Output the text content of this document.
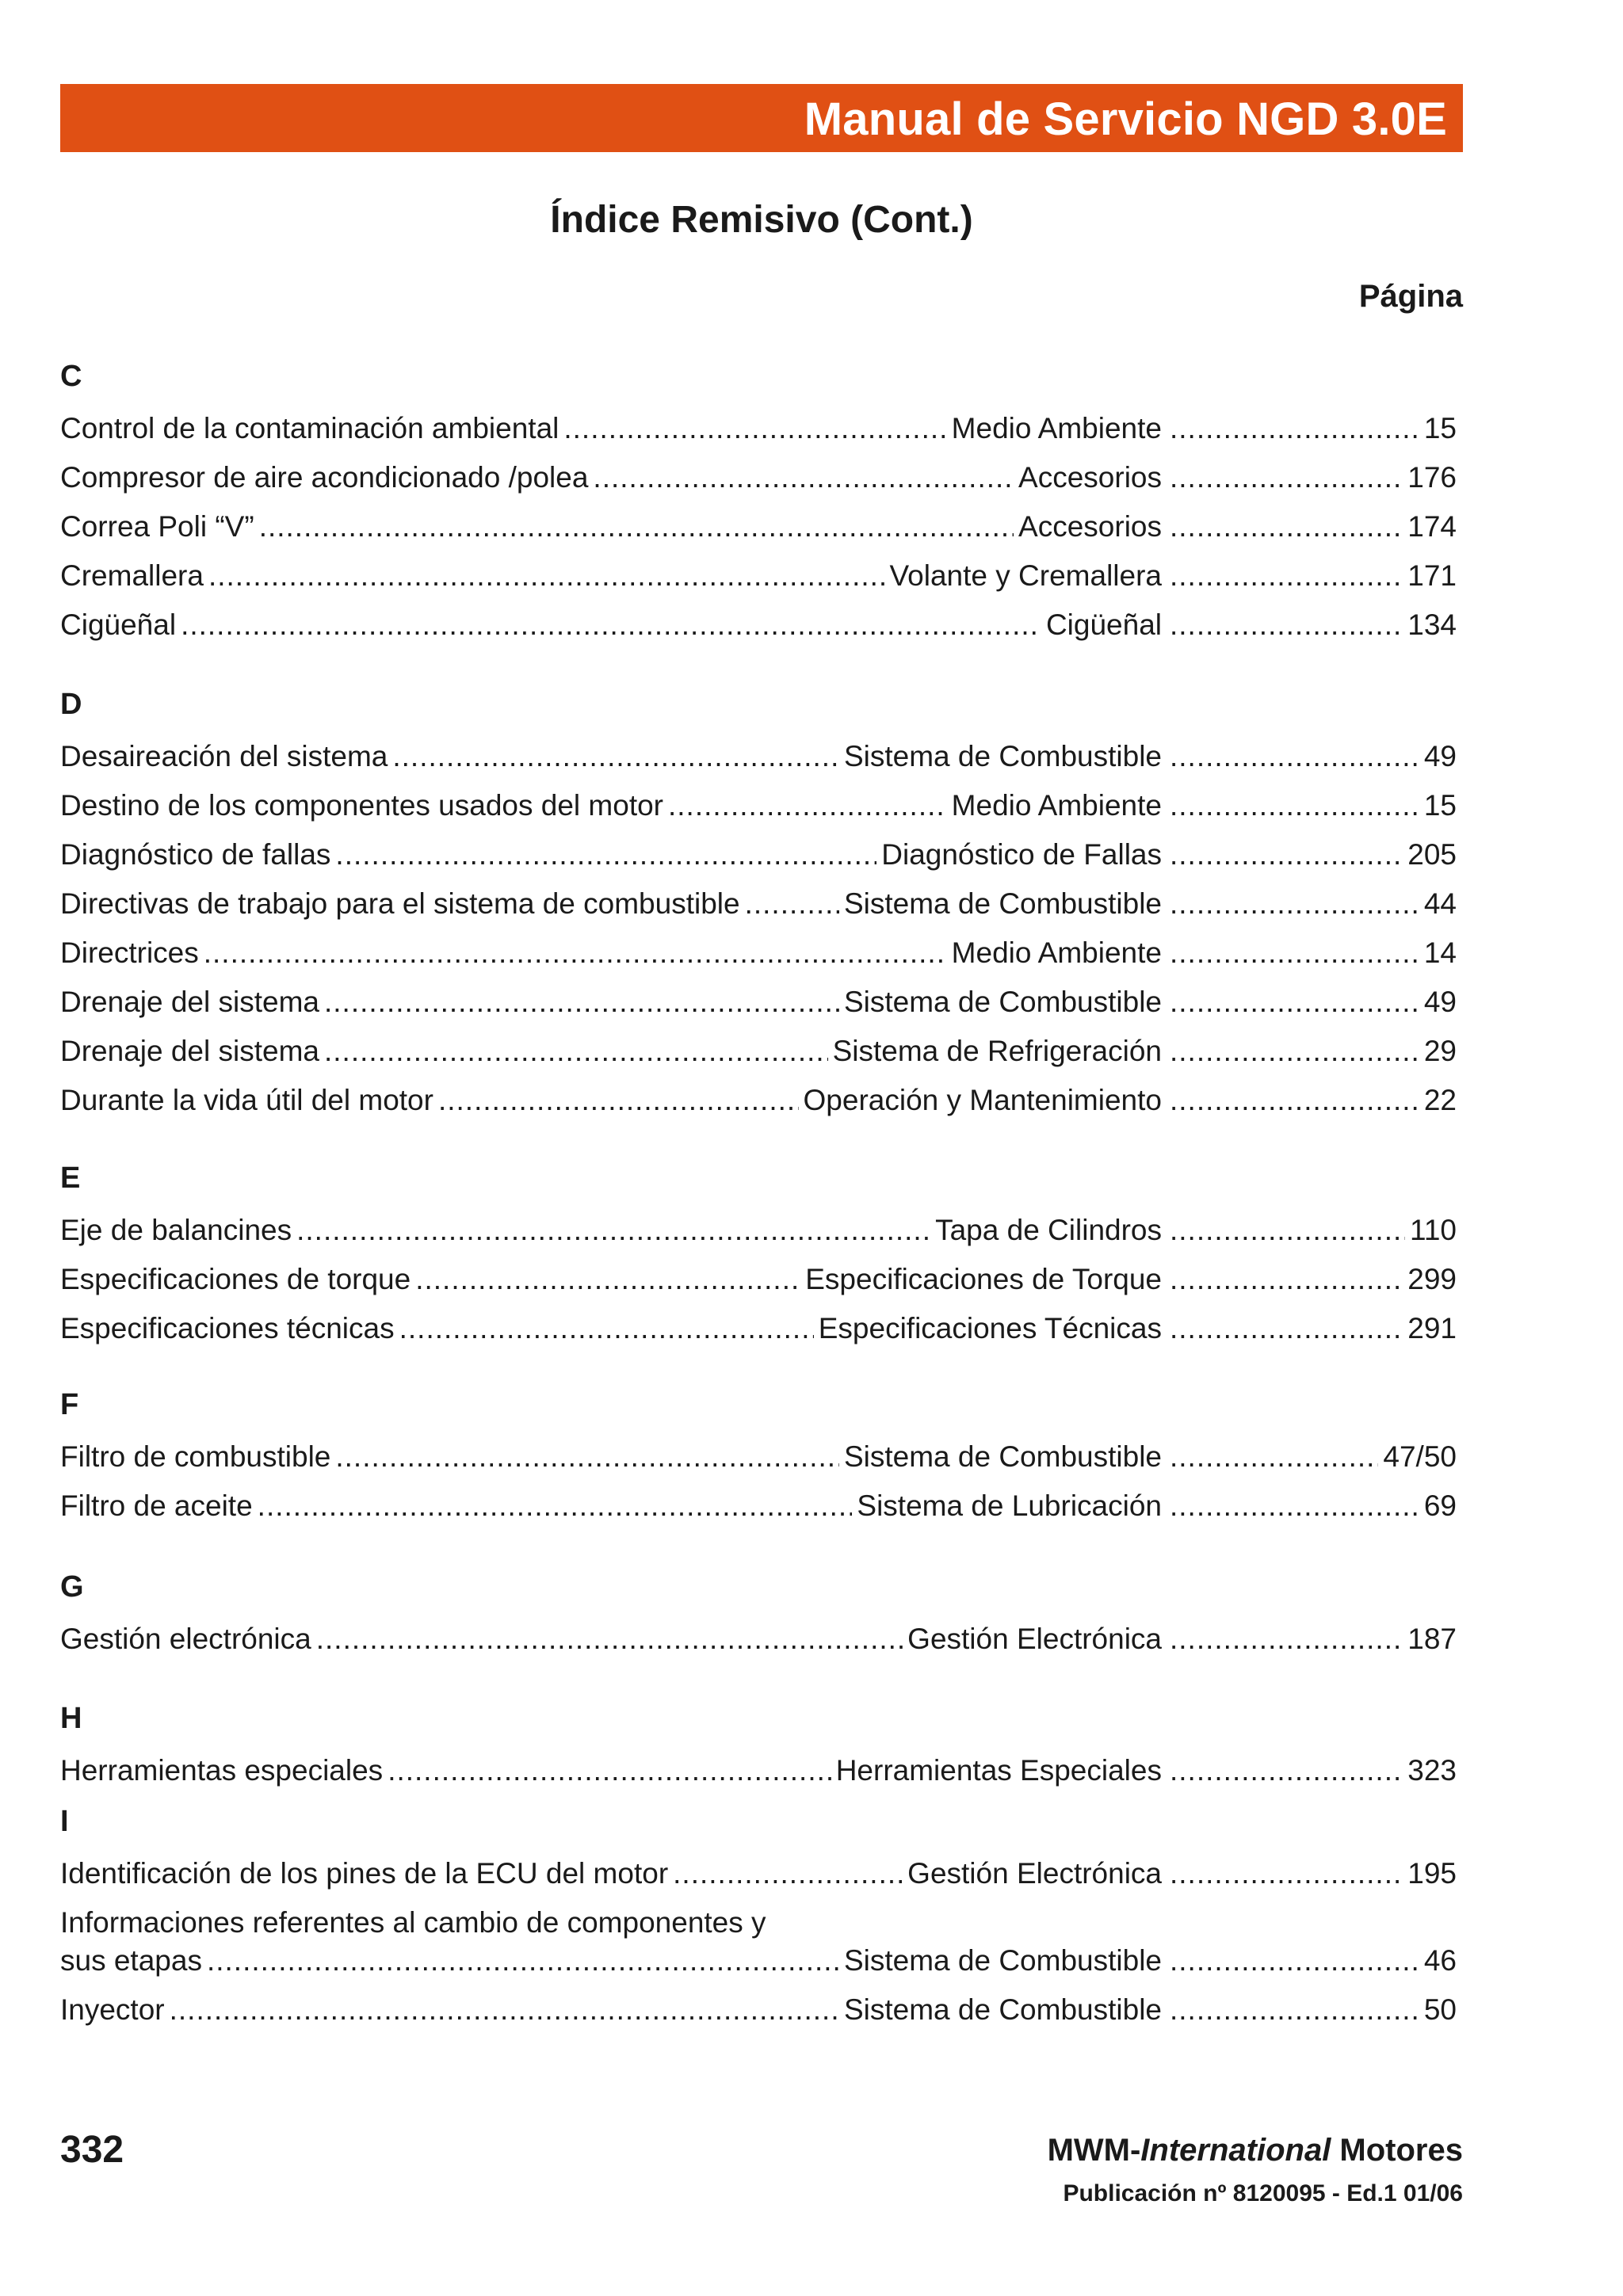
Manual de Servicio NGD 3.0E
Índice Remisivo (Cont.)
Página
C
Control de la contaminación ambiental .....	Medio Ambiente .....	15
Compresor de aire acondicionado /polea .....	Accesorios .....	176
Correa Poli “V” .....	Accesorios .....	174
Cremallera .....	Volante y Cremallera .....	171
Cigüeñal .....	Cigüeñal .....	134
D
Desaireación del sistema .....	Sistema de Combustible .....	49
Destino de los componentes usados del motor .....	Medio Ambiente .....	15
Diagnóstico de fallas .....	Diagnóstico de Fallas .....	205
Directivas de trabajo para el sistema de combustible .....	Sistema de Combustible .....	44
Directrices .....	Medio Ambiente .....	14
Drenaje del sistema .....	Sistema de Combustible .....	49
Drenaje del sistema .....	Sistema de Refrigeración .....	29
Durante la vida útil del motor .....	Operación y Mantenimiento .....	22
E
Eje de balancines .....	Tapa de Cilindros .....	110
Especificaciones de torque .....	Especificaciones de Torque .....	299
Especificaciones técnicas .....	Especificaciones Técnicas .....	291
F
Filtro de combustible .....	Sistema de Combustible .....	47/50
Filtro de aceite .....	Sistema de Lubricación .....	69
G
Gestión electrónica .....	Gestión Electrónica .....	187
H
Herramientas especiales .....	Herramientas Especiales .....	323
I
Identificación de los pines de la ECU del motor .....	Gestión Electrónica .....	195
Informaciones referentes al cambio de componentes y
sus etapas .....	Sistema de Combustible .....	46
Inyector .....	Sistema de Combustible .....	50
332	MWM-International Motores
Publicación nº 8120095 - Ed.1 01/06
